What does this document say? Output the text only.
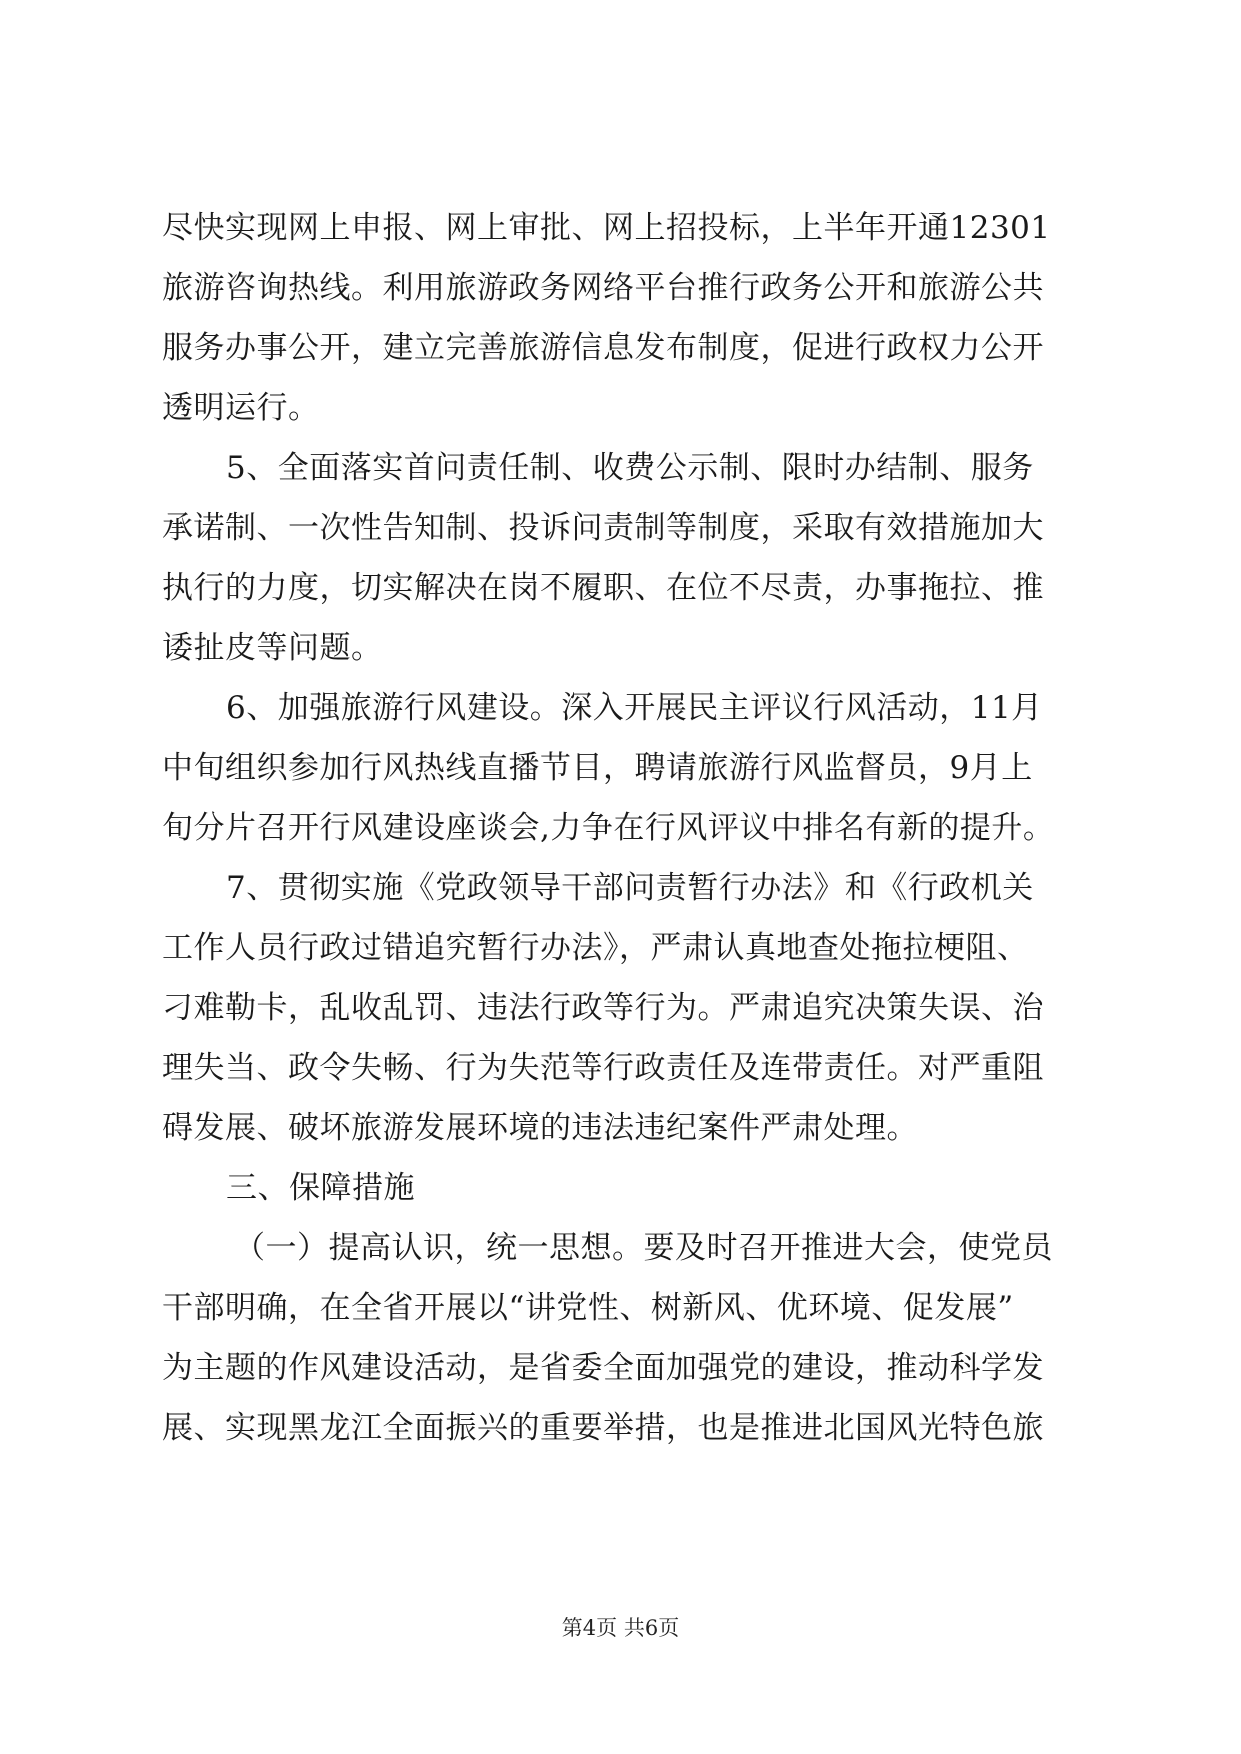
尽快实现网上申报、网上审批、网上招投标，上半年开通12301
旅游咨询热线。利用旅游政务网络平台推行政务公开和旅游公共
服务办事公开，建立完善旅游信息发布制度，促进行政权力公开
透明运行。
5、全面落实首问责任制、收费公示制、限时办结制、服务
承诺制、一次性告知制、投诉问责制等制度，采取有效措施加大
执行的力度，切实解决在岗不履职、在位不尽责，办事拖拉、推
诿扯皮等问题。
6、加强旅游行风建设。深入开展民主评议行风活动，11月
中旬组织参加行风热线直播节目，聘请旅游行风监督员，9月上
旬分片召开行风建设座谈会,力争在行风评议中排名有新的提升。
7、贯彻实施《党政领导干部问责暂行办法》和《行政机关
工作人员行政过错追究暂行办法》，严肃认真地查处拖拉梗阻、
刁难勒卡，乱收乱罚、违法行政等行为。严肃追究决策失误、治
理失当、政令失畅、行为失范等行政责任及连带责任。对严重阻
碍发展、破坏旅游发展环境的违法违纪案件严肃处理。
三、保障措施
（一）提高认识，统一思想。要及时召开推进大会，使党员
干部明确，在全省开展以“讲党性、树新风、优环境、促发展”
为主题的作风建设活动，是省委全面加强党的建设，推动科学发
展、实现黑龙江全面振兴的重要举措，也是推进北国风光特色旅
第4页 共6页
